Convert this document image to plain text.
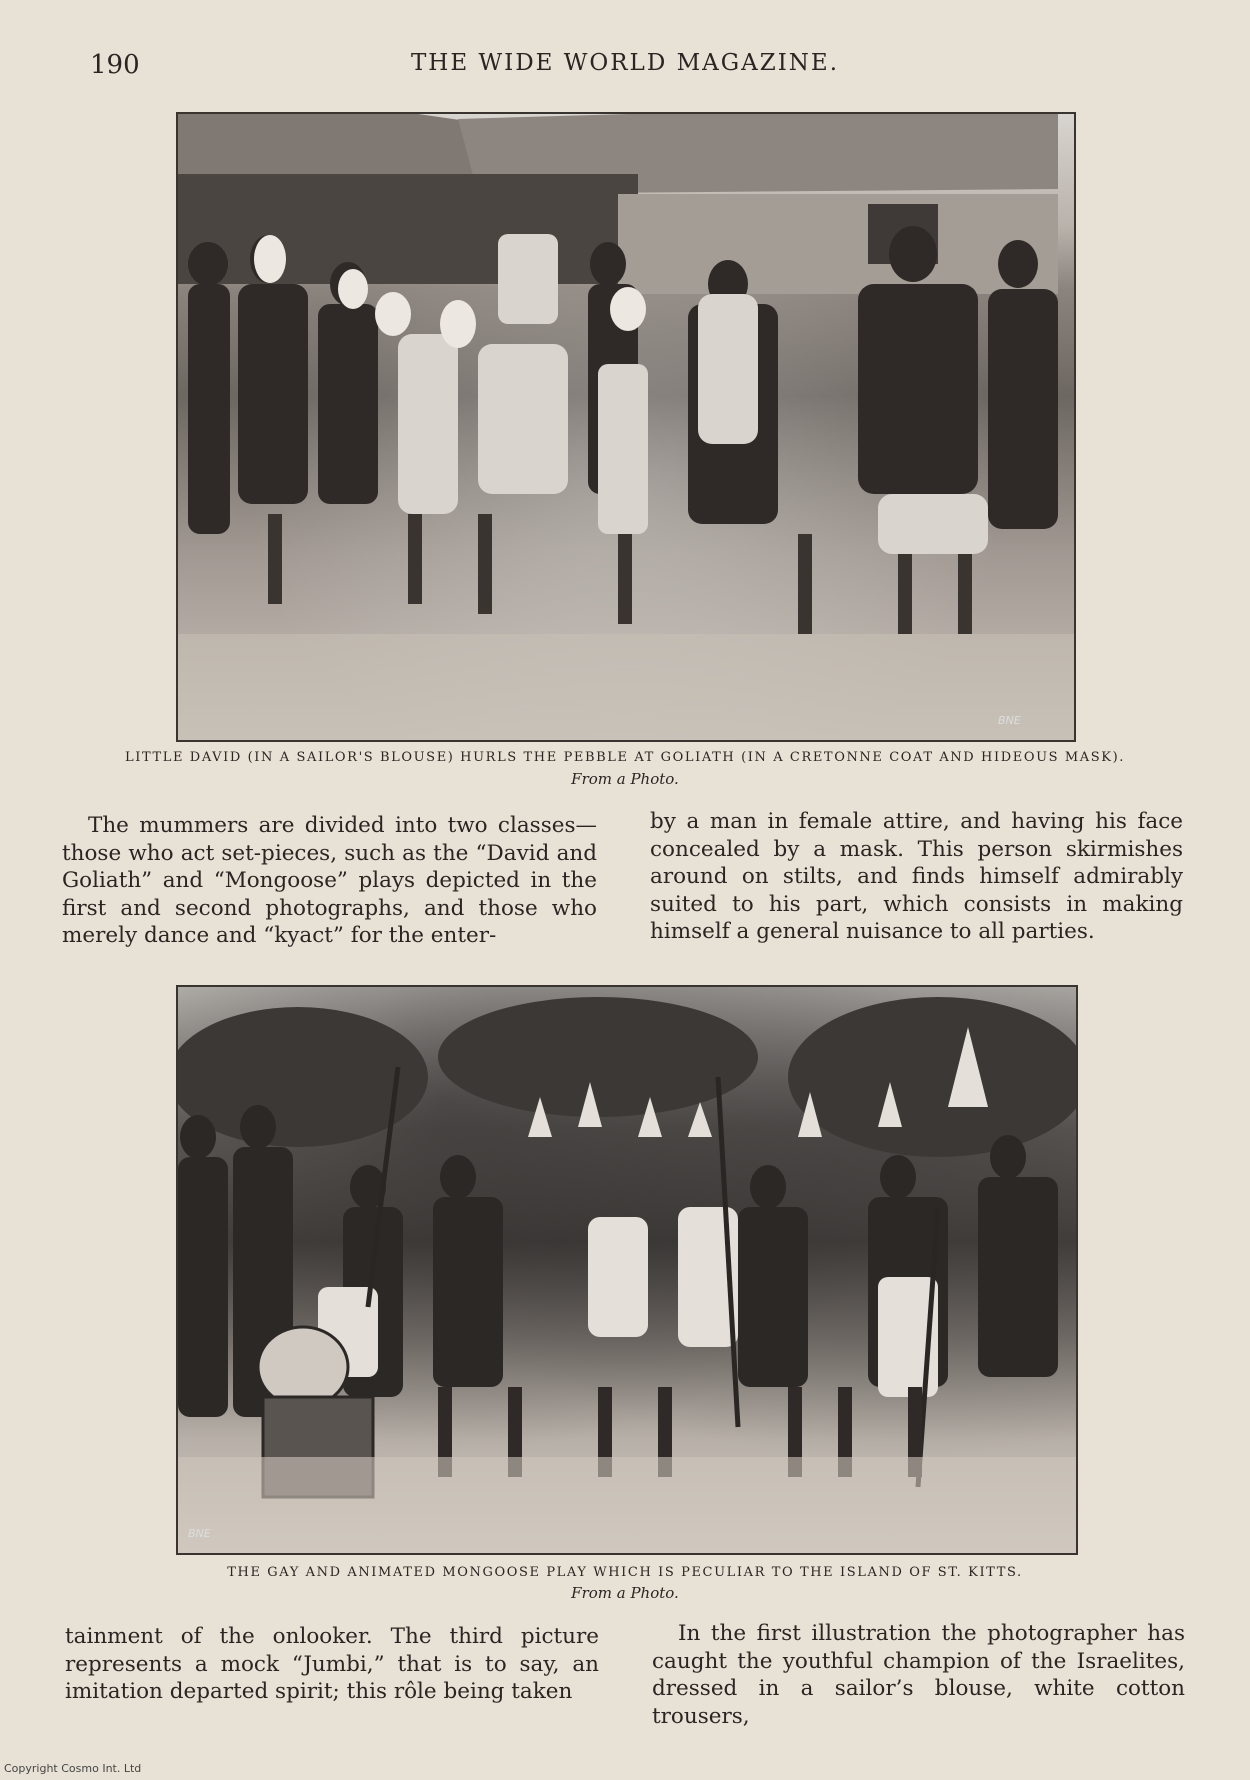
190	THE WIDE WORLD MAGAZINE.
BNE
LITTLE DAVID (IN A SAILOR'S BLOUSE) HURLS THE PEBBLE AT GOLIATH (IN A CRETONNE COAT AND HIDEOUS MASK).
From a Photo.

The mummers are divided into two classes—those who act set-pieces, such as the “David and Goliath” and “Mongoose” plays depicted in the first and second photographs, and those who merely dance and “kyact” for the enter-

by a man in female attire, and having his face concealed by a mask. This person skirmishes around on stilts, and finds himself admirably suited to his part, which consists in making himself a general nuisance to all parties.

BNE
THE GAY AND ANIMATED MONGOOSE PLAY WHICH IS PECULIAR TO THE ISLAND OF ST. KITTS.
From a Photo.

tainment of the onlooker. The third picture represents a mock “Jumbi,” that is to say, an imitation departed spirit; this rôle being taken

In the first illustration the photographer has caught the youthful champion of the Israelites, dressed in a sailor’s blouse, white cotton trousers,

Copyright Cosmo Int. Ltd
